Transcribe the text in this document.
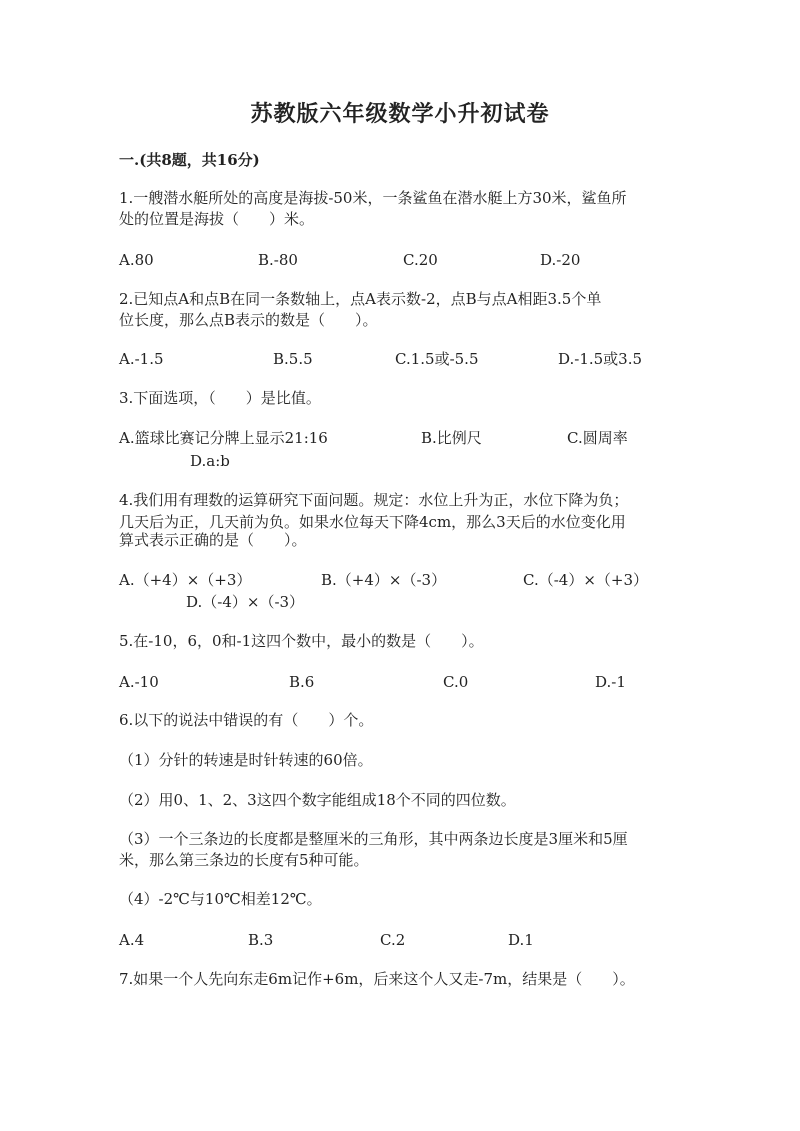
苏教版六年级数学小升初试卷
一.(共8题，共16分)
1.一艘潜水艇所处的高度是海拔-50米，一条鲨鱼在潜水艇上方30米，鲨鱼所
处的位置是海拔（　　）米。
A.80	B.-80	C.20	D.-20
2.已知点A和点B在同一条数轴上，点A表示数-2，点B与点A相距3.5个单
位长度，那么点B表示的数是（　　）。
A.-1.5	B.5.5	C.1.5或-5.5	D.-1.5或3.5
3.下面选项，（　　）是比值。
A.篮球比赛记分牌上显示21:16	B.比例尺	C.圆周率
D.a:b
4.我们用有理数的运算研究下面问题。规定：水位上升为正，水位下降为负；
几天后为正，几天前为负。如果水位每天下降4cm，那么3天后的水位变化用
算式表示正确的是（　　）。
A.（+4）×（+3）	B.（+4）×（-3）	C.（-4）×（+3）
D.（-4）×（-3）
5.在-10，6，0和-1这四个数中，最小的数是（　　）。
A.-10	B.6	C.0	D.-1
6.以下的说法中错误的有（　　）个。
（1）分针的转速是时针转速的60倍。
（2）用0、1、2、3这四个数字能组成18个不同的四位数。
（3）一个三条边的长度都是整厘米的三角形，其中两条边长度是3厘米和5厘
米，那么第三条边的长度有5种可能。
（4）-2℃与10℃相差12℃。
A.4	B.3	C.2	D.1
7.如果一个人先向东走6m记作+6m，后来这个人又走-7m，结果是（　　）。
